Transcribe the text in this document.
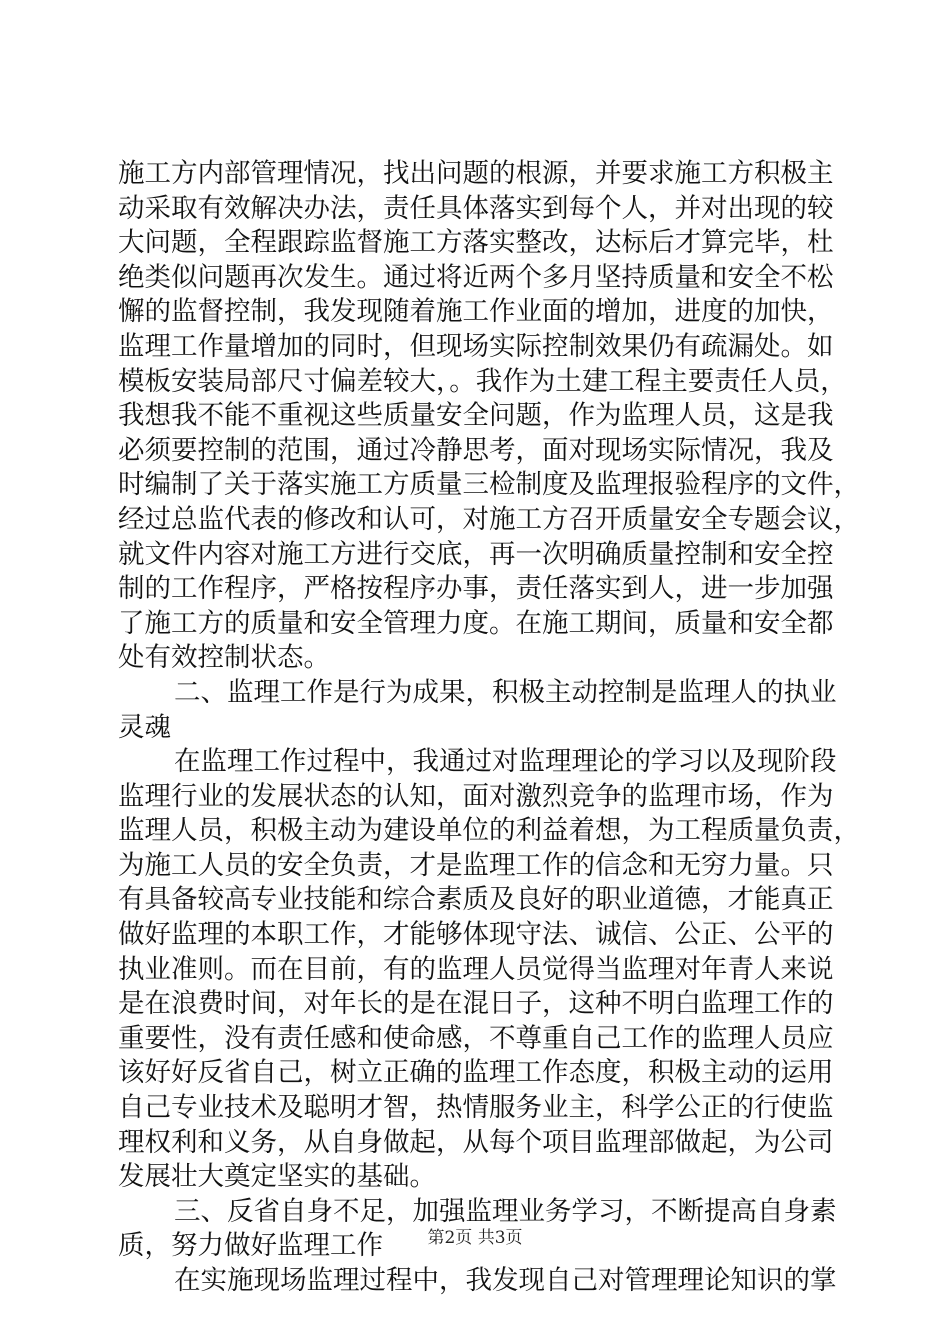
施工方内部管理情况，找出问题的根源，并要求施工方积极主
动采取有效解决办法，责任具体落实到每个人，并对出现的较
大问题，全程跟踪监督施工方落实整改，达标后才算完毕，杜
绝类似问题再次发生。通过将近两个多月坚持质量和安全不松
懈的监督控制，我发现随着施工作业面的增加，进度的加快，
监理工作量增加的同时，但现场实际控制效果仍有疏漏处。如
模板安装局部尺寸偏差较大，。我作为土建工程主要责任人员，
我想我不能不重视这些质量安全问题，作为监理人员，这是我
必须要控制的范围，通过冷静思考，面对现场实际情况，我及
时编制了关于落实施工方质量三检制度及监理报验程序的文件，
经过总监代表的修改和认可，对施工方召开质量安全专题会议，
就文件内容对施工方进行交底，再一次明确质量控制和安全控
制的工作程序，严格按程序办事，责任落实到人，进一步加强
了施工方的质量和安全管理力度。在施工期间，质量和安全都
处有效控制状态。
二、监理工作是行为成果，积极主动控制是监理人的执业
灵魂
在监理工作过程中，我通过对监理理论的学习以及现阶段
监理行业的发展状态的认知，面对激烈竞争的监理市场，作为
监理人员，积极主动为建设单位的利益着想，为工程质量负责，
为施工人员的安全负责，才是监理工作的信念和无穷力量。只
有具备较高专业技能和综合素质及良好的职业道德，才能真正
做好监理的本职工作，才能够体现守法、诚信、公正、公平的
执业准则。而在目前，有的监理人员觉得当监理对年青人来说
是在浪费时间，对年长的是在混日子，这种不明白监理工作的
重要性，没有责任感和使命感，不尊重自己工作的监理人员应
该好好反省自己，树立正确的监理工作态度，积极主动的运用
自己专业技术及聪明才智，热情服务业主，科学公正的行使监
理权利和义务，从自身做起，从每个项目监理部做起，为公司
发展壮大奠定坚实的基础。
三、反省自身不足，加强监理业务学习，不断提高自身素
质，努力做好监理工作
在实施现场监理过程中，我发现自己对管理理论知识的掌
第2页 共3页
